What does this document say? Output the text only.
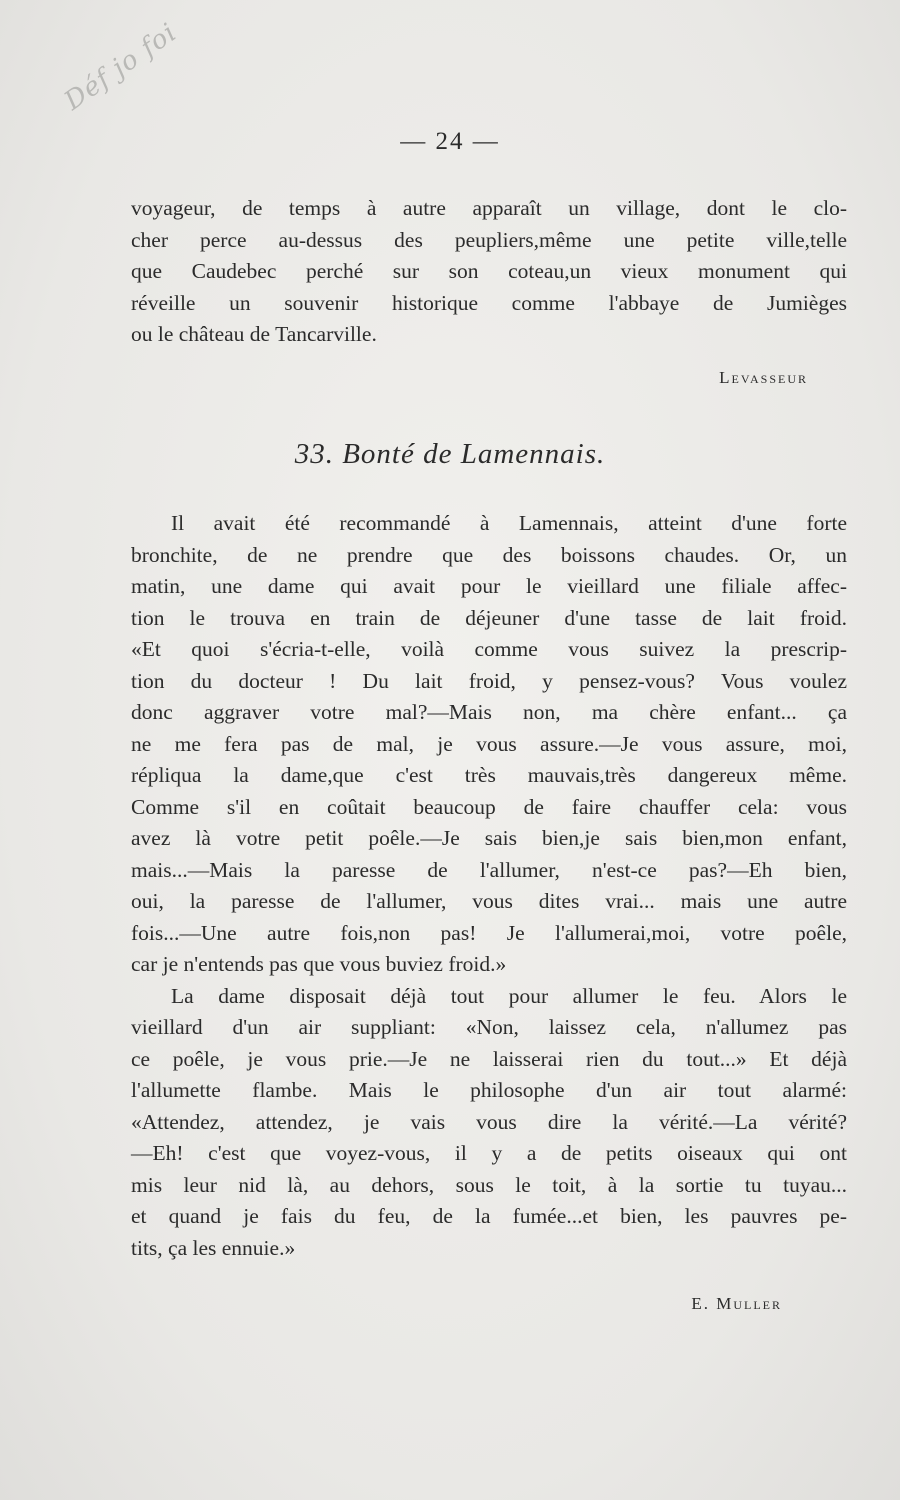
Déf jo foi
— 24 —
voyageur, de temps à autre apparaît un village, dont le clo-
cher perce au-dessus des peupliers,même une petite ville,telle
que Caudebec perché sur son coteau,un vieux monument qui
réveille un souvenir historique comme l'abbaye de Jumièges
ou le château de Tancarville.
Levasseur
33. Bonté de Lamennais.
Il avait été recommandé à Lamennais, atteint d'une forte
bronchite, de ne prendre que des boissons chaudes. Or, un
matin, une dame qui avait pour le vieillard une filiale affec-
tion le trouva en train de déjeuner d'une tasse de lait froid.
«Et quoi s'écria-t-elle, voilà comme vous suivez la prescrip-
tion du docteur ! Du lait froid, y pensez-vous? Vous voulez
donc aggraver votre mal?—Mais non, ma chère enfant... ça
ne me fera pas de mal, je vous assure.—Je vous assure, moi,
répliqua la dame,que c'est très mauvais,très dangereux même.
Comme s'il en coûtait beaucoup de faire chauffer cela: vous
avez là votre petit poêle.—Je sais bien,je sais bien,mon enfant,
mais...—Mais la paresse de l'allumer, n'est-ce pas?—Eh bien,
oui, la paresse de l'allumer, vous dites vrai... mais une autre
fois...—Une autre fois,non pas! Je l'allumerai,moi, votre poêle,
car je n'entends pas que vous buviez froid.»
La dame disposait déjà tout pour allumer le feu. Alors le
vieillard d'un air suppliant: «Non, laissez cela, n'allumez pas
ce poêle, je vous prie.—Je ne laisserai rien du tout...» Et déjà
l'allumette flambe. Mais le philosophe d'un air tout alarmé:
«Attendez, attendez, je vais vous dire la vérité.—La vérité?
—Eh! c'est que voyez-vous, il y a de petits oiseaux qui ont
mis leur nid là, au dehors, sous le toit, à la sortie tu tuyau...
et quand je fais du feu, de la fumée...et bien, les pauvres pe-
tits, ça les ennuie.»
E. Muller
